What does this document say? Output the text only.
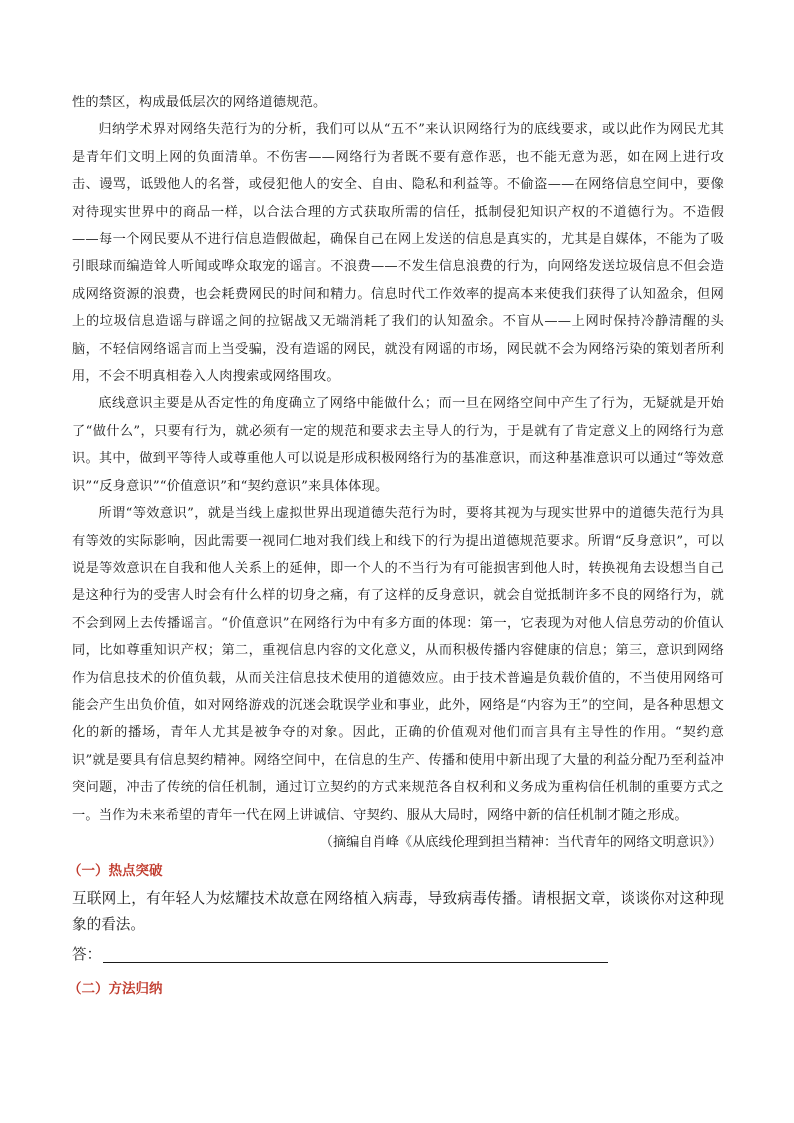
性的禁区，构成最低层次的网络道德规范。

归纳学术界对网络失范行为的分析，我们可以从“五不”来认识网络行为的底线要求，或以此作为网民尤其是青年们文明上网的负面清单。不伤害——网络行为者既不要有意作恶，也不能无意为恶，如在网上进行攻击、谩骂，诋毁他人的名誉，或侵犯他人的安全、自由、隐私和利益等。不偷盗——在网络信息空间中，要像对待现实世界中的商品一样，以合法合理的方式获取所需的信任，抵制侵犯知识产权的不道德行为。不造假——每一个网民要从不进行信息造假做起，确保自己在网上发送的信息是真实的，尤其是自媒体，不能为了吸引眼球而编造耸人听闻或哗众取宠的谣言。不浪费——不发生信息浪费的行为，向网络发送垃圾信息不但会造成网络资源的浪费，也会耗费网民的时间和精力。信息时代工作效率的提高本来使我们获得了认知盈余，但网上的垃圾信息造谣与辟谣之间的拉锯战又无端消耗了我们的认知盈余。不盲从——上网时保持冷静清醒的头脑，不轻信网络谣言而上当受骗，没有造谣的网民，就没有网谣的市场，网民就不会为网络污染的策划者所利用，不会不明真相卷入人肉搜索或网络围攻。

底线意识主要是从否定性的角度确立了网络中能做什么；而一旦在网络空间中产生了行为，无疑就是开始了“做什么”，只要有行为，就必须有一定的规范和要求去主导人的行为，于是就有了肯定意义上的网络行为意识。其中，做到平等待人或尊重他人可以说是形成积极网络行为的基准意识，而这种基准意识可以通过“等效意识”“反身意识”“价值意识”和“契约意识”来具体体现。

所谓“等效意识”，就是当线上虚拟世界出现道德失范行为时，要将其视为与现实世界中的道德失范行为具有等效的实际影响，因此需要一视同仁地对我们线上和线下的行为提出道德规范要求。所谓“反身意识”，可以说是等效意识在自我和他人关系上的延伸，即一个人的不当行为有可能损害到他人时，转换视角去设想当自己是这种行为的受害人时会有什么样的切身之痛，有了这样的反身意识，就会自觉抵制许多不良的网络行为，就不会到网上去传播谣言。“价值意识”在网络行为中有多方面的体现：第一，它表现为对他人信息劳动的价值认同，比如尊重知识产权；第二，重视信息内容的文化意义，从而积极传播内容健康的信息；第三，意识到网络作为信息技术的价值负载，从而关注信息技术使用的道德效应。由于技术普遍是负载价值的，不当使用网络可能会产生出负价值，如对网络游戏的沉迷会耽误学业和事业，此外，网络是“内容为王”的空间，是各种思想文化的新的播场，青年人尤其是被争夺的对象。因此，正确的价值观对他们而言具有主导性的作用。“契约意识”就是要具有信息契约精神。网络空间中，在信息的生产、传播和使用中新出现了大量的利益分配乃至利益冲突问题，冲击了传统的信任机制，通过订立契约的方式来规范各自权利和义务成为重构信任机制的重要方式之一。当作为未来希望的青年一代在网上讲诚信、守契约、服从大局时，网络中新的信任机制才随之形成。

（摘编自肖峰《从底线伦理到担当精神：当代青年的网络文明意识》）

（一）热点突破

互联网上，有年轻人为炫耀技术故意在网络植入病毒，导致病毒传播。请根据文章，谈谈你对这种现象的看法。

答：
（二）方法归纳
